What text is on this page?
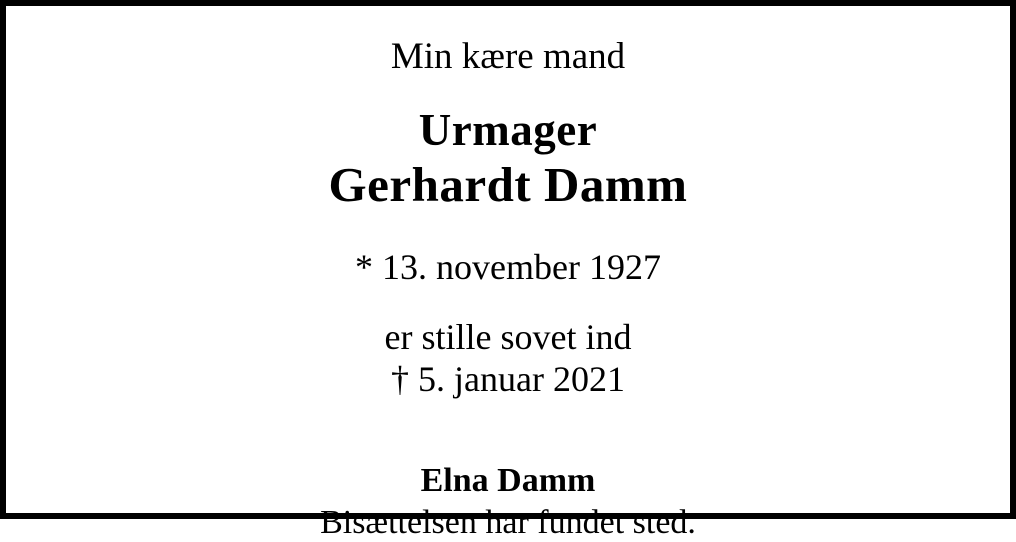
Min kære mand
Urmager
Gerhardt Damm
* 13. november 1927
er stille sovet ind
† 5. januar 2021
Elna Damm
Bisættelsen har fundet sted.
